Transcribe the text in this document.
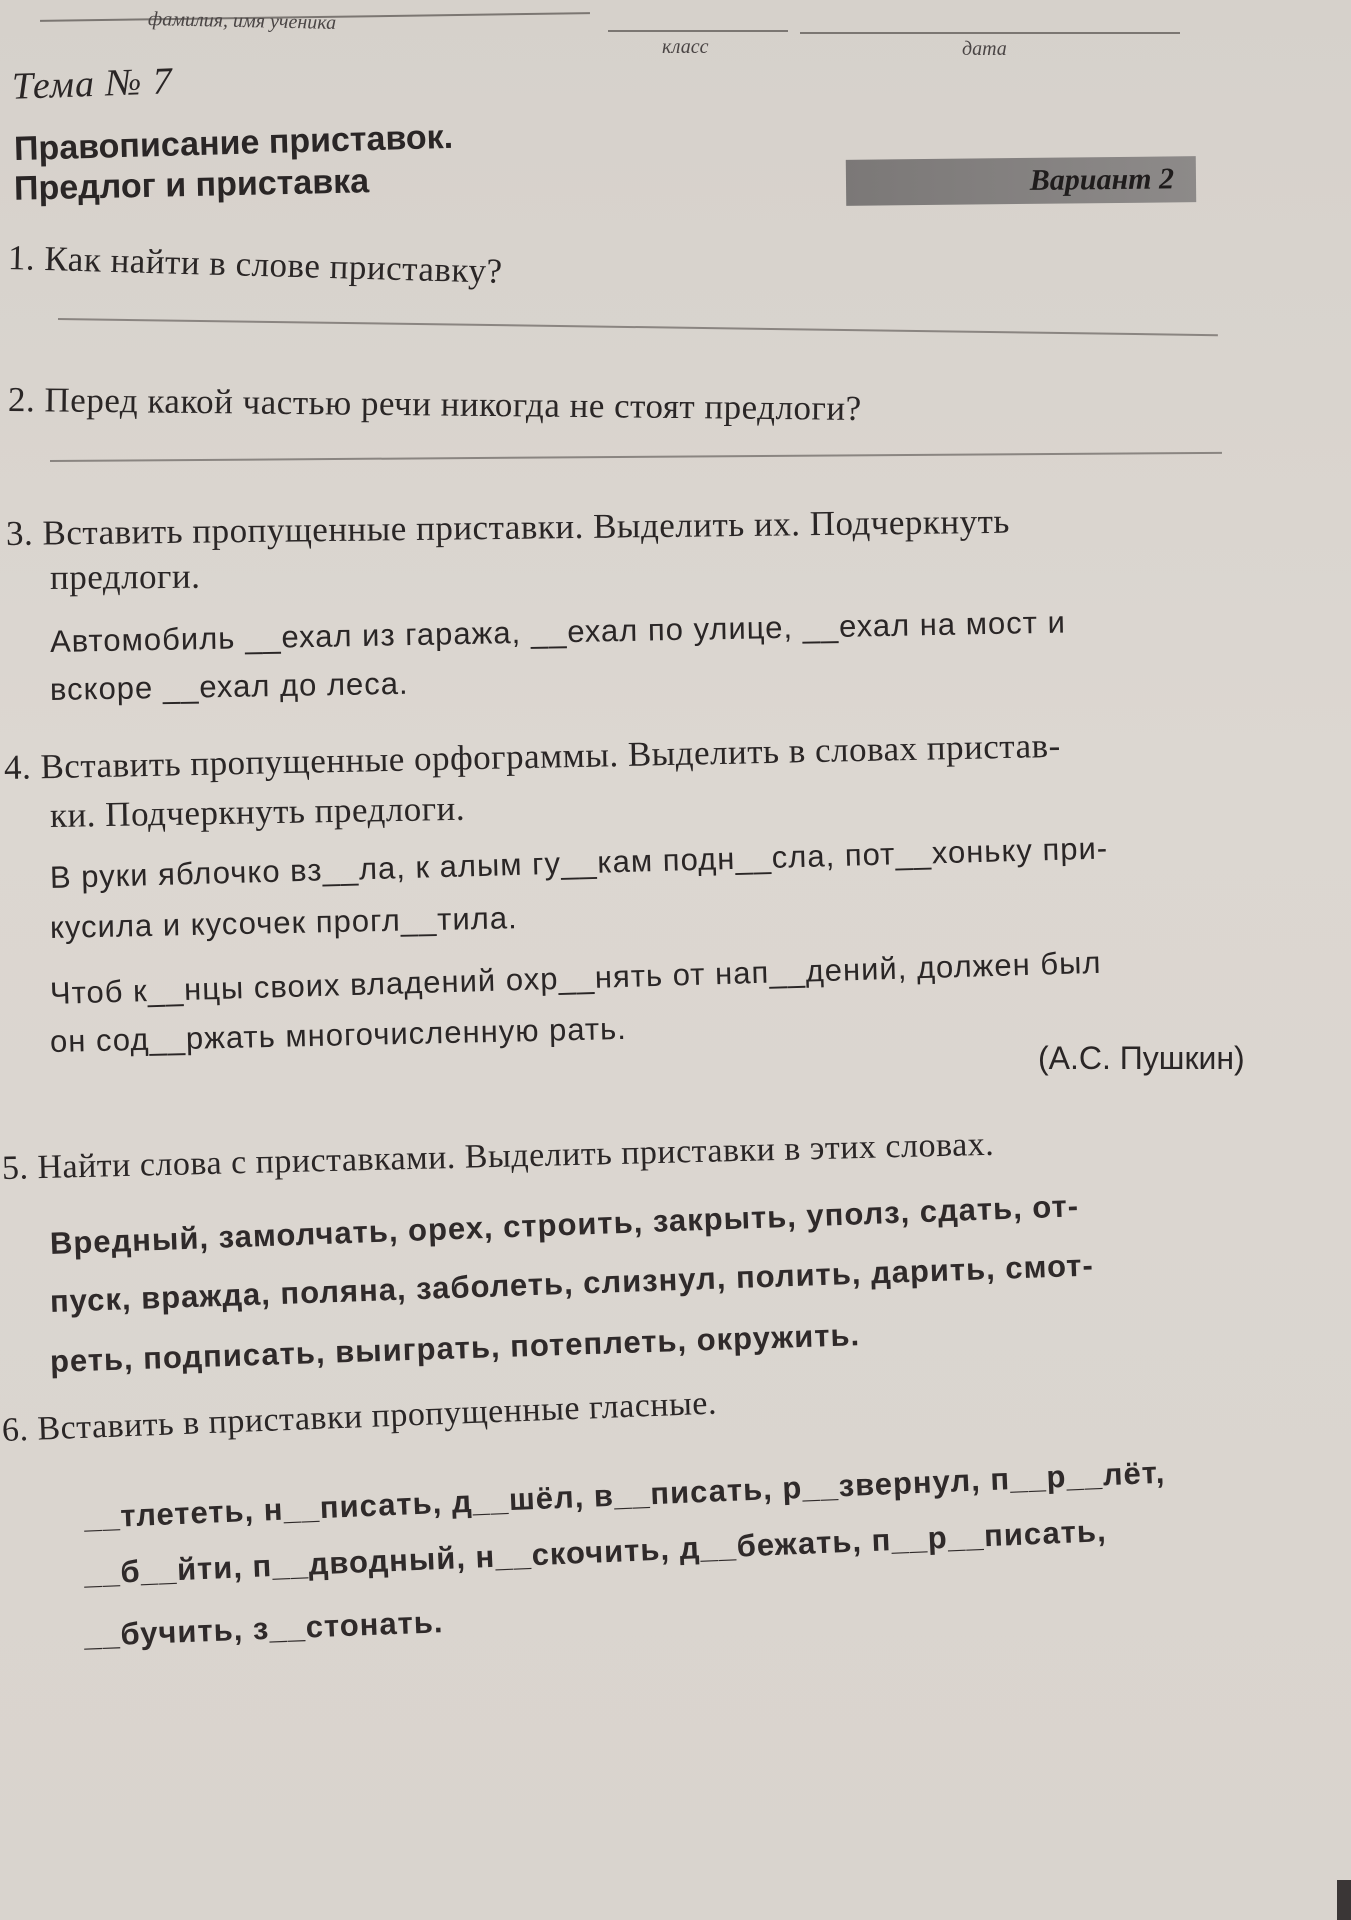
фамилия, имя ученика
класс	дата
Тема № 7
Правописание приставок.
Предлог и приставка	Вариант 2
1. Как найти в слове приставку?
2. Перед какой частью речи никогда не стоят предлоги?
3. Вставить пропущенные приставки. Выделить их. Подчеркнуть
предлоги.
Автомобиль __ехал из гаража, __ехал по улице, __ехал на мост и
вскоре __ехал до леса.
4. Вставить пропущенные орфограммы. Выделить в словах пристав-
ки. Подчеркнуть предлоги.
В руки яблочко вз__ла, к алым гу__кам подн__сла, пот__хоньку при-
кусила и кусочек прогл__тила.
Чтоб к__нцы своих владений охр__нять от нап__дений, должен был
он сод__ржать многочисленную рать.	(А.С. Пушкин)
5. Найти слова с приставками. Выделить приставки в этих словах.
Вредный, замолчать, орех, строить, закрыть, уполз, сдать, от-
пуск, вражда, поляна, заболеть, слизнул, полить, дарить, смот-
реть, подписать, выиграть, потеплеть, окружить.
6. Вставить в приставки пропущенные гласные.
__тлететь, н__писать, д__шёл, в__писать, р__звернул, п__р__лёт,
__б__йти, п__дводный, н__скочить, д__бежать, п__р__писать,
__бучить, з__стонать.
